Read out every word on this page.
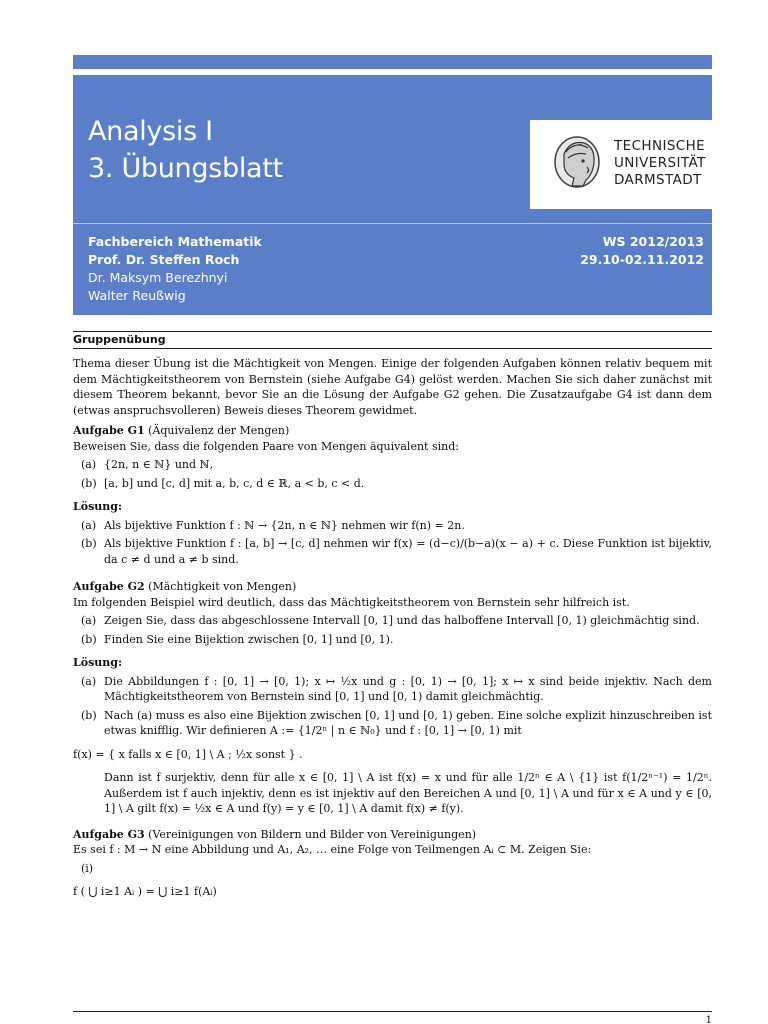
Analysis I
3. Übungsblatt
TECHNISCHE
UNIVERSITÄT
DARMSTADT
Fachbereich Mathematik
Prof. Dr. Steffen Roch
Dr. Maksym Berezhnyi
Walter Reußwig
WS 2012/2013
29.10-02.11.2012
Gruppenübung

Thema dieser Übung ist die Mächtigkeit von Mengen. Einige der folgenden Aufgaben können relativ bequem mit dem Mächtigkeitstheorem von Bernstein (siehe Aufgabe G4) gelöst werden. Machen Sie sich daher zunächst mit diesem Theorem bekannt, bevor Sie an die Lösung der Aufgabe G2 gehen. Die Zusatzaufgabe G4 ist dann dem (etwas anspruchsvolleren) Beweis dieses Theorem gewidmet.

Aufgabe G1 (Äquivalenz der Mengen)

Beweisen Sie, dass die folgenden Paare von Mengen äquivalent sind:

(a) {2n, n ∈ ℕ} und ℕ,
(b) [a, b] und [c, d] mit a, b, c, d ∈ ℝ, a < b, c < d.

Lösung:

(a) Als bijektive Funktion f : ℕ → {2n, n ∈ ℕ} nehmen wir f(n) = 2n.
(b) Als bijektive Funktion f : [a, b] → [c, d] nehmen wir f(x) = (d−c)/(b−a)(x − a) + c. Diese Funktion ist bijektiv, da c ≠ d und a ≠ b sind.

Aufgabe G2 (Mächtigkeit von Mengen)

Im folgenden Beispiel wird deutlich, dass das Mächtigkeitstheorem von Bernstein sehr hilfreich ist.

(a) Zeigen Sie, dass das abgeschlossene Intervall [0, 1] und das halboffene Intervall [0, 1) gleichmächtig sind.
(b) Finden Sie eine Bijektion zwischen [0, 1] und [0, 1).

Lösung:

(a) Die Abbildungen f : [0, 1] → [0, 1); x ↦ ½x und g : [0, 1) → [0, 1]; x ↦ x sind beide injektiv. Nach dem Mächtigkeitstheorem von Bernstein sind [0, 1] und [0, 1) damit gleichmächtig.
(b) Nach (a) muss es also eine Bijektion zwischen [0, 1] und [0, 1) geben. Eine solche explizit hinzuschreiben ist etwas knifflig. Wir definieren A := {1/2ⁿ | n ∈ ℕ₀} und f : [0, 1] → [0, 1) mit

f(x) = { x falls x ∈ [0, 1] \ A ; ½x sonst } .

Dann ist f surjektiv, denn für alle x ∈ [0, 1] \ A ist f(x) = x und für alle 1/2ⁿ ∈ A \ {1} ist f(1/2ⁿ⁻¹) = 1/2ⁿ. Außerdem ist f auch injektiv, denn es ist injektiv auf den Bereichen A und [0, 1] \ A und für x ∈ A und y ∈ [0, 1] \ A gilt f(x) = ½x ∈ A und f(y) = y ∈ [0, 1] \ A damit f(x) ≠ f(y).

Aufgabe G3 (Vereinigungen von Bildern und Bilder von Vereinigungen)

Es sei f : M → N eine Abbildung und A₁, A₂, … eine Folge von Teilmengen Aᵢ ⊂ M. Zeigen Sie:

(i)

f ( ⋃ i≥1 Aᵢ ) = ⋃ i≥1 f(Aᵢ)

1
